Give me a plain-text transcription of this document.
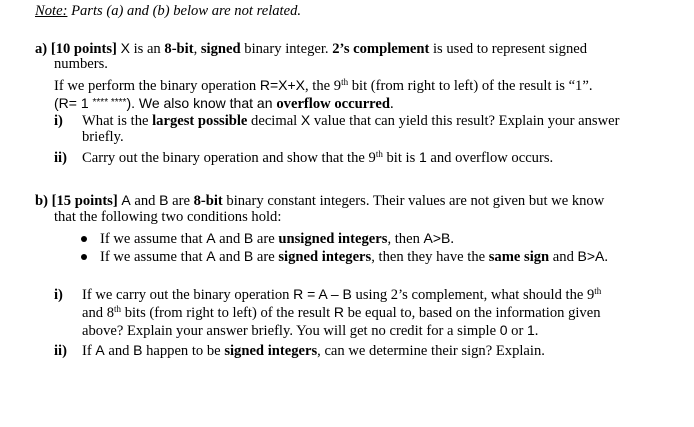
Note: Parts (a) and (b) below are not related.
a) [10 points] X is an 8-bit, signed binary integer. 2’s complement is used to represent signed
numbers.
If we perform the binary operation R=X+X, the 9th bit (from right to left) of the result is “1”.
(R= 1 **** ****). We also know that an overflow occurred.
i) What is the largest possible decimal X value that can yield this result? Explain your answer
briefly.
ii) Carry out the binary operation and show that the 9th bit is 1 and overflow occurs.
b) [15 points] A and B are 8-bit binary constant integers. Their values are not given but we know
that the following two conditions hold:
If we assume that A and B are unsigned integers, then A>B.
If we assume that A and B are signed integers, then they have the same sign and B>A.
i) If we carry out the binary operation R = A – B using 2’s complement, what should the 9th
and 8th bits (from right to left) of the result R be equal to, based on the information given
above? Explain your answer briefly. You will get no credit for a simple 0 or 1.
ii) If A and B happen to be signed integers, can we determine their sign? Explain.
